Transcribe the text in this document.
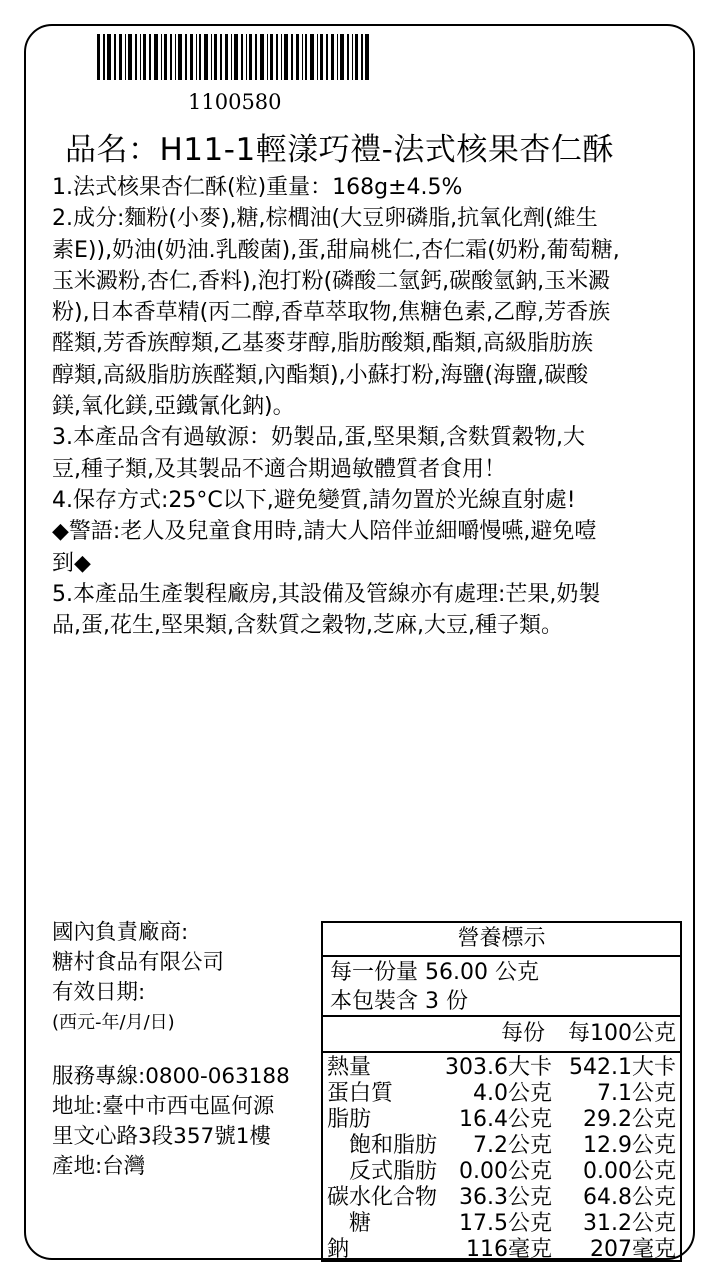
1100580
品名：H11-1輕漾巧禮-法式核果杏仁酥
1.法式核果杏仁酥(粒)重量：168g±4.5%
2.成分:麵粉(小麥),糖,棕櫚油(大豆卵磷脂,抗氧化劑(維生
素E)),奶油(奶油.乳酸菌),蛋,甜扁桃仁,杏仁霜(奶粉,葡萄糖,
玉米澱粉,杏仁,香料),泡打粉(磷酸二氫鈣,碳酸氫鈉,玉米澱
粉),日本香草精(丙二醇,香草萃取物,焦糖色素,乙醇,芳香族
醛類,芳香族醇類,乙基麥芽醇,脂肪酸類,酯類,高級脂肪族
醇類,高級脂肪族醛類,內酯類),小蘇打粉,海鹽(海鹽,碳酸
鎂,氧化鎂,亞鐵氰化鈉)。
3.本產品含有過敏源：奶製品,蛋,堅果類,含麩質穀物,大
豆,種子類,及其製品不適合期過敏體質者食用！
4.保存方式:25°C以下,避免變質,請勿置於光線直射處!
◆警語:老人及兒童食用時,請大人陪伴並細嚼慢嚥,避免噎
到◆
5.本產品生產製程廠房,其設備及管線亦有處理:芒果,奶製
品,蛋,花生,堅果類,含麩質之穀物,芝麻,大豆,種子類。
國內負責廠商:
糖村食品有限公司
有效日期:
(西元-年/月/日)
服務專線:0800-063188
地址:臺中市西屯區何源
里文心路3段357號1樓
產地:台灣
營養標示
每一份量 56.00 公克
本包裝含 3 份
每份 每100公克
熱量	303.6大卡 542.1大卡
蛋白質	4.0公克 7.1公克
脂肪	16.4公克 29.2公克
飽和脂肪 7.2公克 12.9公克
反式脂肪 0.00公克 0.00公克
碳水化合物 36.3公克 64.8公克
糖	17.5公克 31.2公克
鈉	116毫克 207毫克
